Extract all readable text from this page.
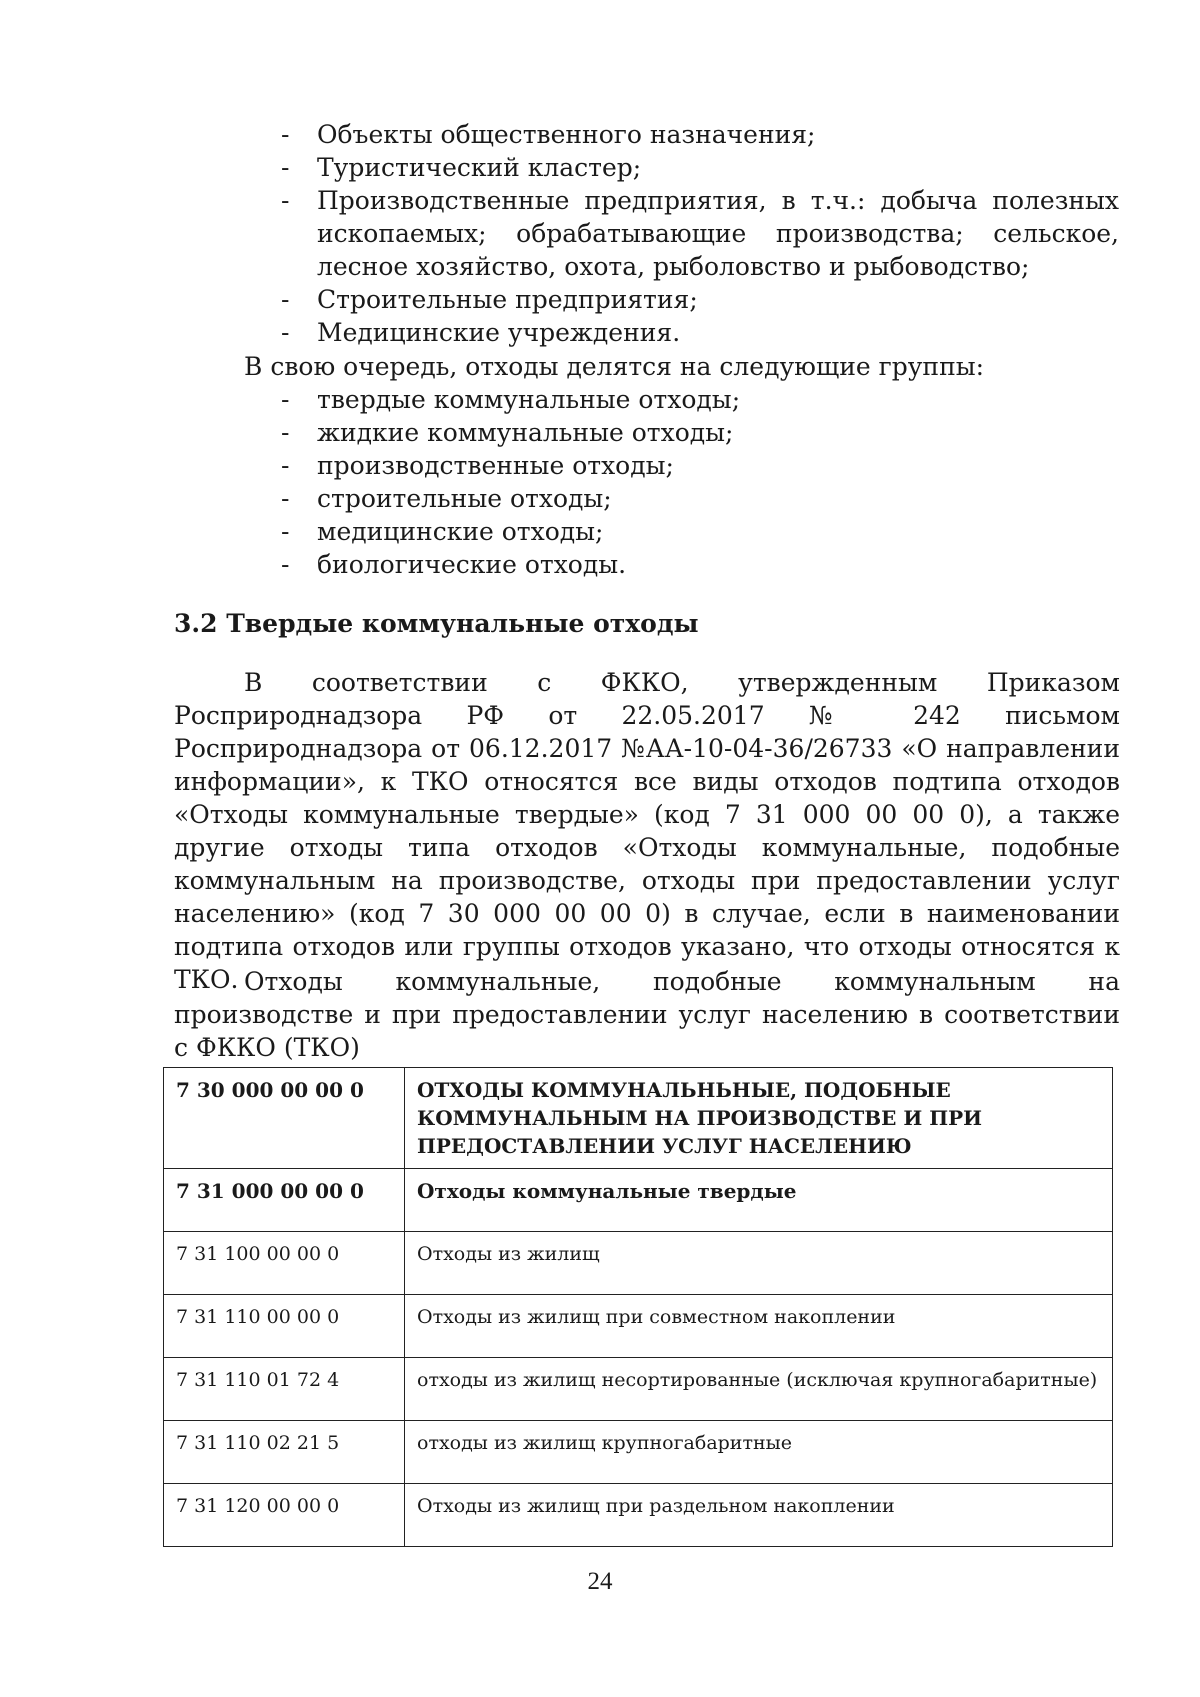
- Объекты общественного назначения;
- Туристический кластер;
- Производственные предприятия, в т.ч.: добыча полезных ископаемых; обрабатывающие производства; сельское, лесное хозяйство, охота, рыболовство и рыбоводство;
- Строительные предприятия;
- Медицинские учреждения.

В свою очередь, отходы делятся на следующие группы:

- твердые коммунальные отходы;
- жидкие коммунальные отходы;
- производственные отходы;
- строительные отходы;
- медицинские отходы;
- биологические отходы.
3.2 Твердые коммунальные отходы

В соответствии с ФККО, утвержденным Приказом Росприроднадзора РФ от 22.05.2017 № 242 письмом Росприроднадзора от 06.12.2017 №АА-10-04-36/26733 «О направлении информации», к ТКО относятся все виды отходов подтипа отходов «Отходы коммунальные твердые» (код 7 31 000 00 00 0), а также другие отходы типа отходов «Отходы коммунальные, подобные коммунальным на производстве, отходы при предоставлении услуг населению» (код 7 30 000 00 00 0) в случае, если в наименовании подтипа отходов или группы отходов указано, что отходы относятся к ТКО. Отходы коммунальные, подобные коммунальным на производстве и при предоставлении услуг населению в соответствии с ФККО (ТКО)

7 30 000 00 00 0	ОТХОДЫ КОММУНАЛЬНЬНЫЕ, ПОДОБНЫЕ КОММУНАЛЬНЫМ НА ПРОИЗВОДСТВЕ И ПРИ ПРЕДОСТАВЛЕНИИ УСЛУГ НАСЕЛЕНИЮ
7 31 000 00 00 0	Отходы коммунальные твердые
7 31 100 00 00 0	Отходы из жилищ
7 31 110 00 00 0	Отходы из жилищ при совместном накоплении
7 31 110 01 72 4	отходы из жилищ несортированные (исключая крупногабаритные)
7 31 110 02 21 5	отходы из жилищ крупногабаритные
7 31 120 00 00 0	Отходы из жилищ при раздельном накоплении
24
